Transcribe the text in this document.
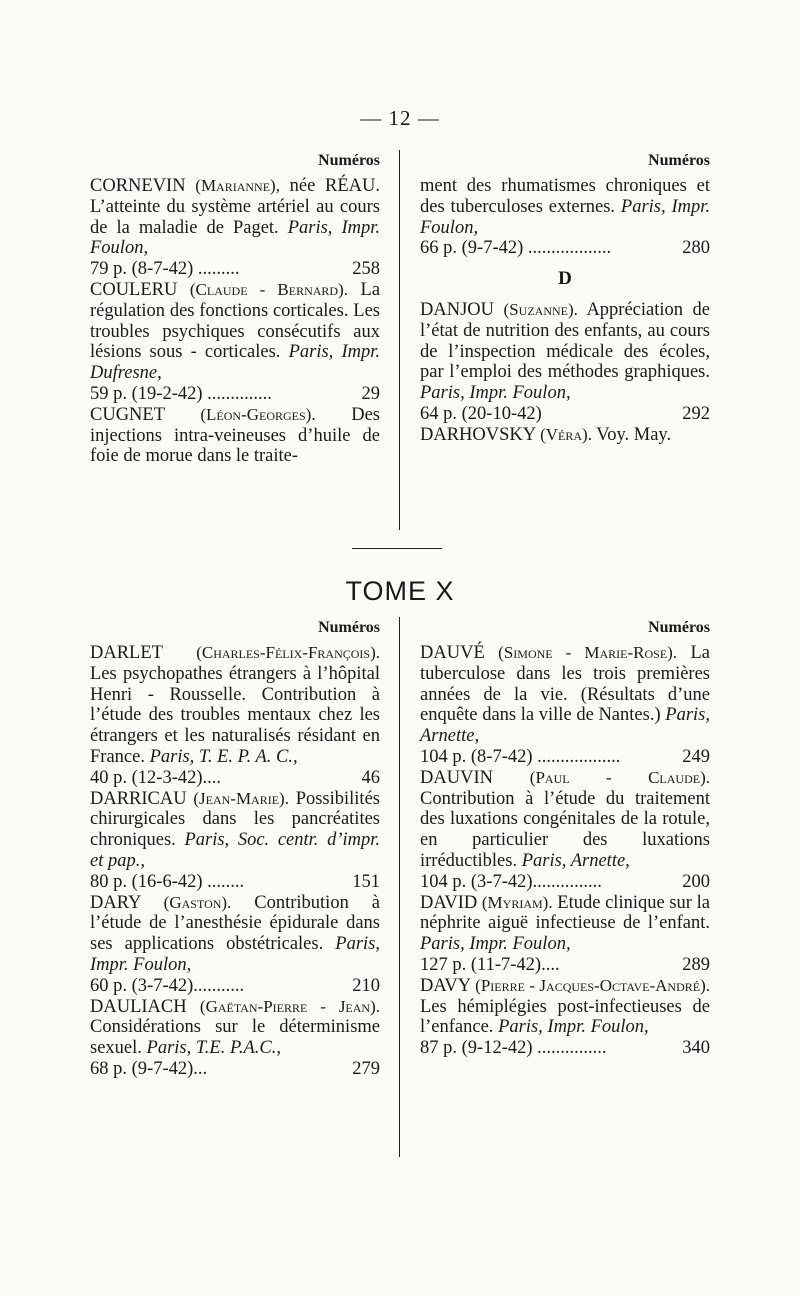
— 12 —
Numéros
CORNEVIN (Marianne), née RÉAU. L’atteinte du système artériel au cours de la maladie de Paget. Paris, Impr. Foulon,
79 p. (8-7-42) .........	258
COULERU (Claude - Bernard). La régulation des fonctions corticales. Les troubles psychiques consécutifs aux lésions sous - corticales. Paris, Impr. Dufresne,
59 p. (19-2-42) ..............	29
CUGNET (Léon-Georges). Des injections intra-veineuses d’huile de foie de morue dans le traite-
Numéros
ment des rhumatismes chroniques et des tuberculoses externes. Paris, Impr. Foulon,
66 p. (9-7-42) ..................	280
D
DANJOU (Suzanne). Appréciation de l’état de nutrition des enfants, au cours de l’inspection médicale des écoles, par l’emploi des méthodes graphiques. Paris, Impr. Foulon,
64 p. (20-10-42)	292
DARHOVSKY (Véra). Voy. May.
TOME X
Numéros
DARLET (Charles-Félix-François). Les psychopathes étrangers à l’hôpital Henri - Rousselle. Contribution à l’étude des troubles mentaux chez les étrangers et les naturalisés résidant en France. Paris, T. E. P. A. C.,
40 p. (12-3-42)....	46
DARRICAU (Jean-Marie). Possibilités chirurgicales dans les pancréatites chroniques. Paris, Soc. centr. d’impr. et pap.,
80 p. (16-6-42) ........	151
DARY (Gaston). Contribution à l’étude de l’anesthésie épidurale dans ses applications obstétricales. Paris, Impr. Foulon,
60 p. (3-7-42)...........	210
DAULIACH (Gaëtan-Pierre - Jean). Considérations sur le déterminisme sexuel. Paris, T.E. P.A.C.,
68 p. (9-7-42)...	279
Numéros
DAUVÉ (Simone - Marie-Rose). La tuberculose dans les trois premières années de la vie. (Résultats d’une enquête dans la ville de Nantes.) Paris, Arnette,
104 p. (8-7-42) ..................	249
DAUVIN (Paul - Claude). Contribution à l’étude du traitement des luxations congénitales de la rotule, en particulier des luxations irréductibles. Paris, Arnette,
104 p. (3-7-42)...............	200
DAVID (Myriam). Etude clinique sur la néphrite aiguë infectieuse de l’enfant. Paris, Impr. Foulon,
127 p. (11-7-42)....	289
DAVY (Pierre - Jacques-Octave-André). Les hémiplégies post-infectieuses de l’enfance. Paris, Impr. Foulon,
87 p. (9-12-42) ...............	340
